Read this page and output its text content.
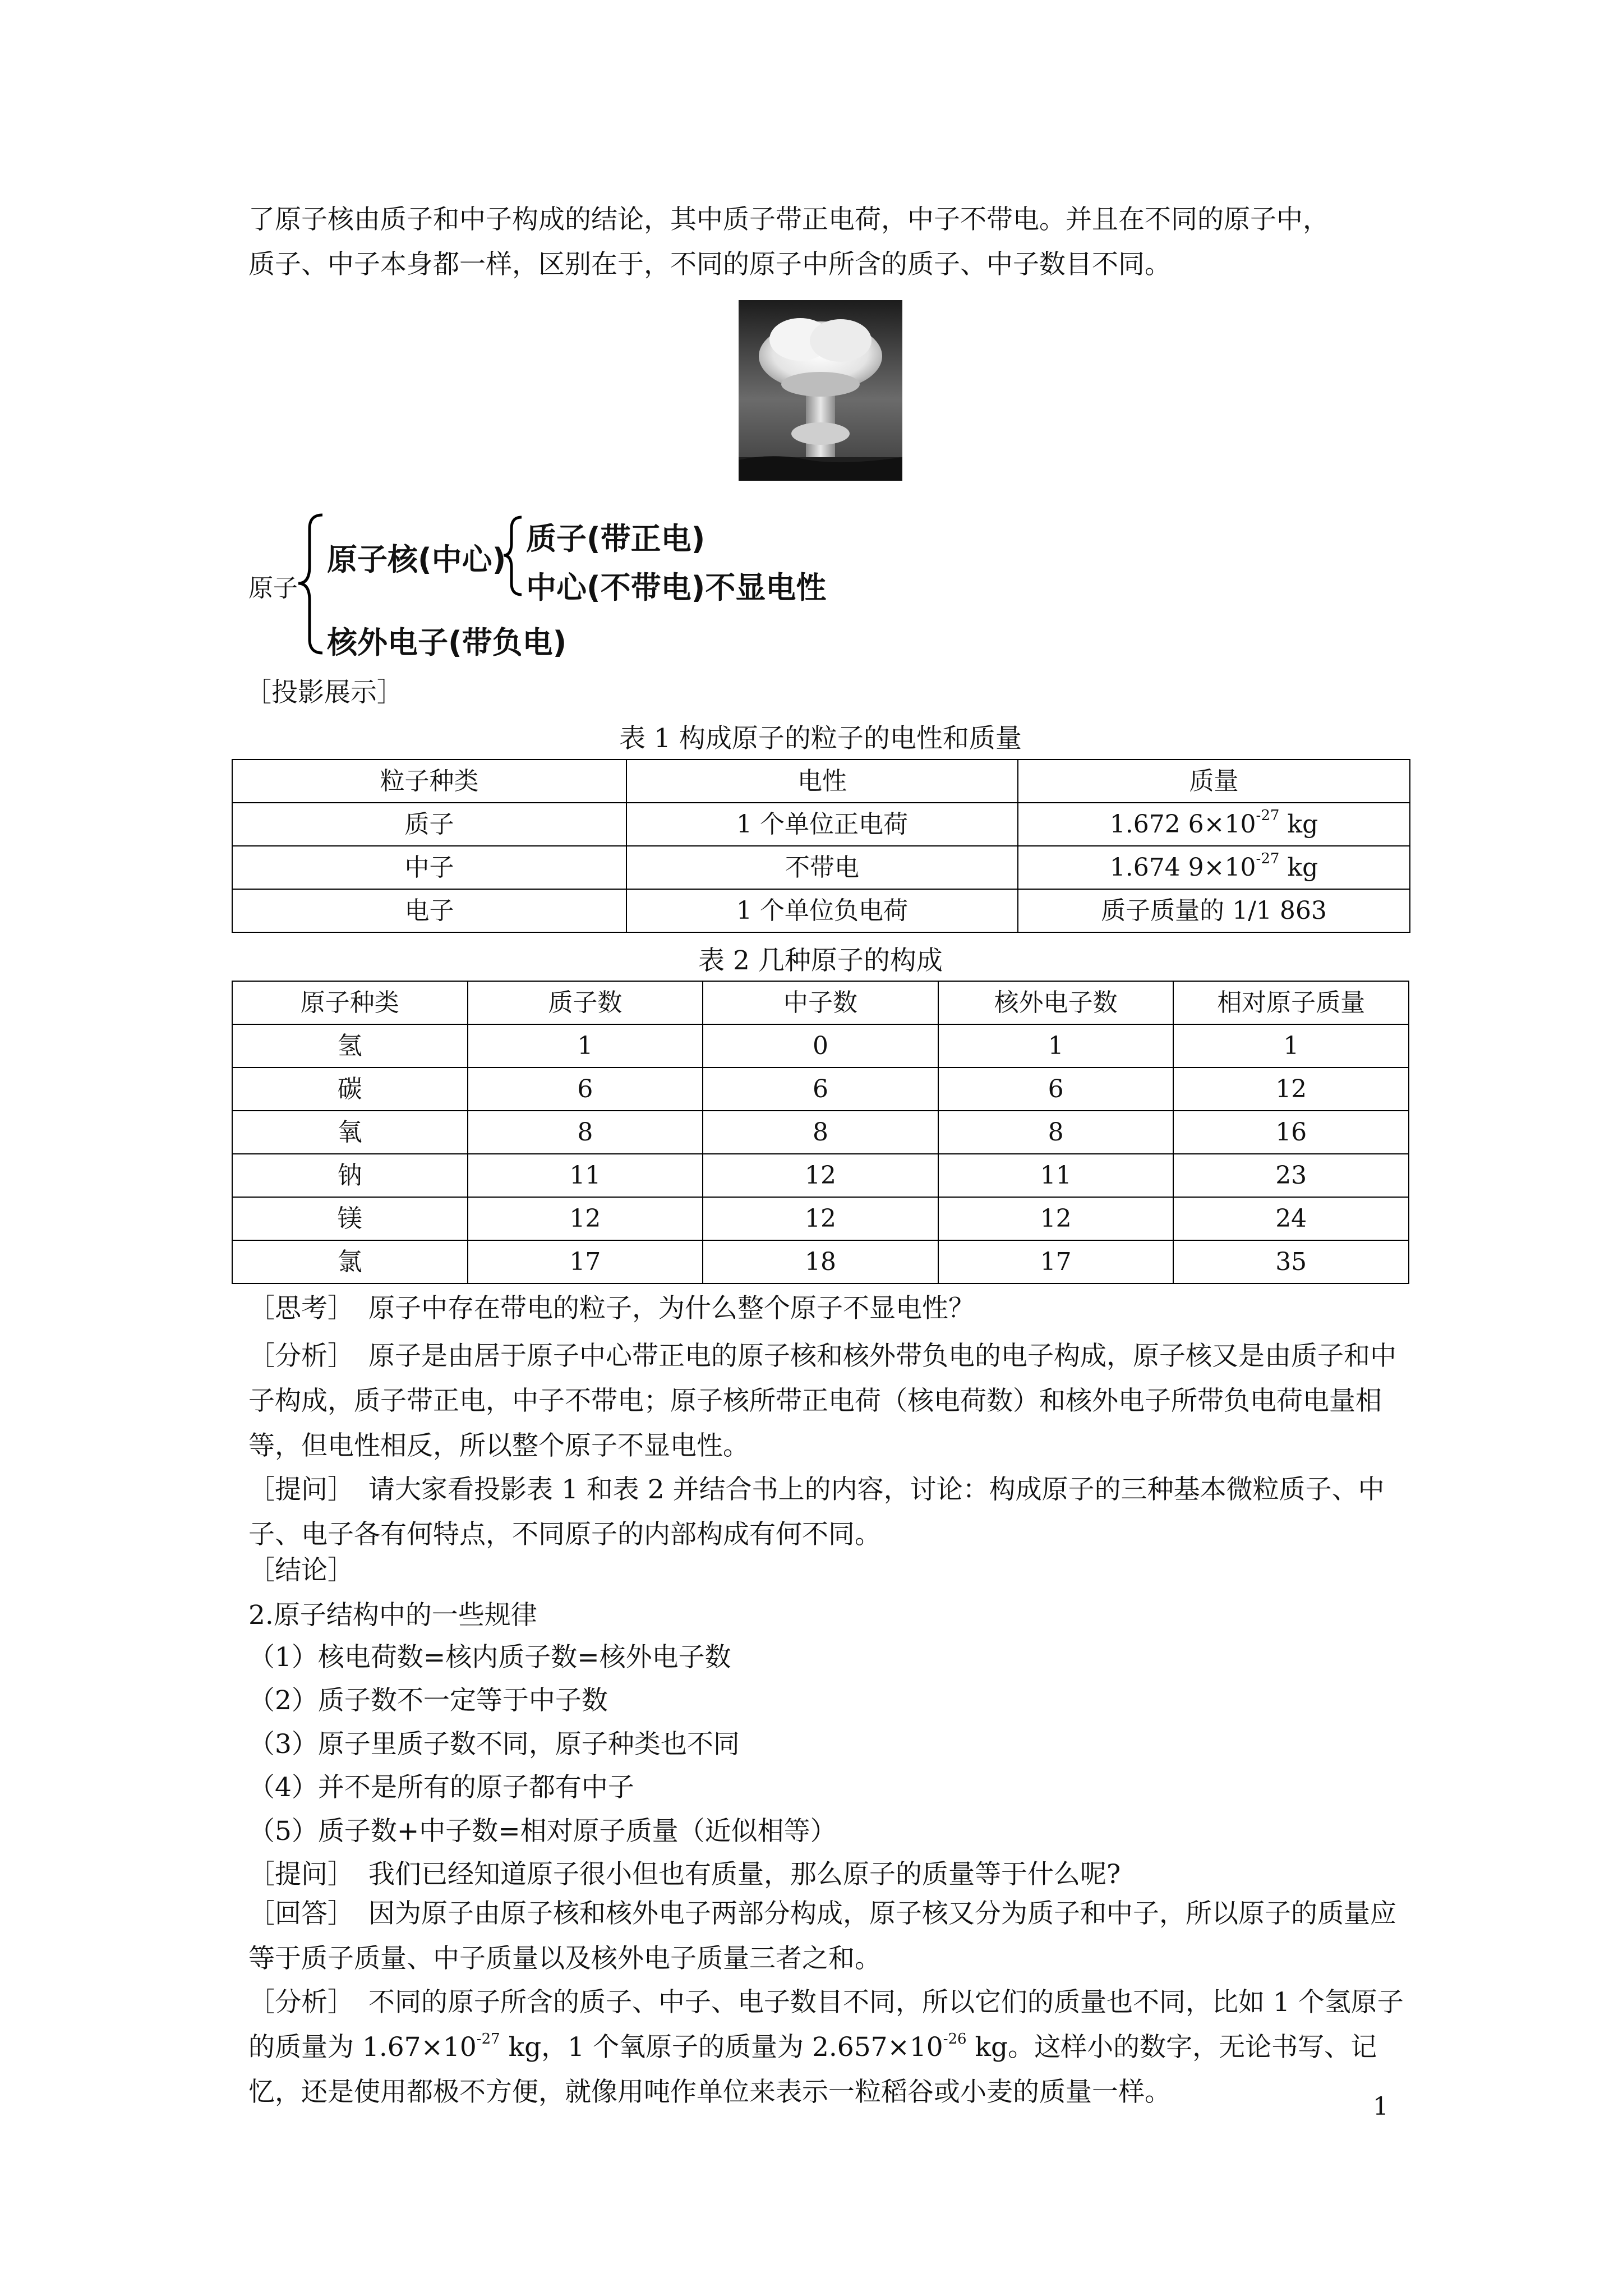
了原子核由质子和中子构成的结论，其中质子带正电荷，中子不带电。并且在不同的原子中，
质子、中子本身都一样，区别在于，不同的原子中所含的质子、中子数目不同。

原子
原子核(中心)
质子(带正电)
中心(不带电)不显电性
核外电子(带负电)
［投影展示］
表 1 构成原子的粒子的电性和质量
粒子种类	电性	质量
质子	1 个单位正电荷	1.672 $6\times 10^{-27}$ kg
中子	不带电	1.674 $9\times 10^{-27}$ kg
电子	1 个单位负电荷	质子质量的 1/1 863
表 2 几种原子的构成
原子种类	质子数	中子数	核外电子数	相对原子质量
氢	1	0	1	1
碳	6	6	6	12
氧	8	8	8	16
钠	11	12	11	23
镁	12	12	12	24
氯	17	18	17	35

［思考］ 原子中存在带电的粒子，为什么整个原子不显电性？

［分析］ 原子是由居于原子中心带正电的原子核和核外带负电的电子构成，原子核又是由质子和中子构成，质子带正电，中子不带电；原子核所带正电荷（核电荷数）和核外电子所带负电荷电量相等，但电性相反，所以整个原子不显电性。

［提问］ 请大家看投影表 1 和表 2 并结合书上的内容，讨论：构成原子的三种基本微粒质子、中子、电子各有何特点，不同原子的内部构成有何不同。

［结论］
2.原子结构中的一些规律
（1）核电荷数=核内质子数=核外电子数
（2）质子数不一定等于中子数
（3）原子里质子数不同，原子种类也不同
（4）并不是所有的原子都有中子
（5）质子数+中子数=相对原子质量（近似相等）
［提问］ 我们已经知道原子很小但也有质量，那么原子的质量等于什么呢?

［回答］ 因为原子由原子核和核外电子两部分构成，原子核又分为质子和中子，所以原子的质量应等于质子质量、中子质量以及核外电子质量三者之和。

［分析］ 不同的原子所含的质子、中子、电子数目不同，所以它们的质量也不同，比如 1 个氢原子的质量为 $1.67\times 10^{-27}$ kg，1 个氧原子的质量为 $2.657\times 10^{-26}$ kg。这样小的数字，无论书写、记忆，还是使用都极不方便，就像用吨作单位来表示一粒稻谷或小麦的质量一样。	1
